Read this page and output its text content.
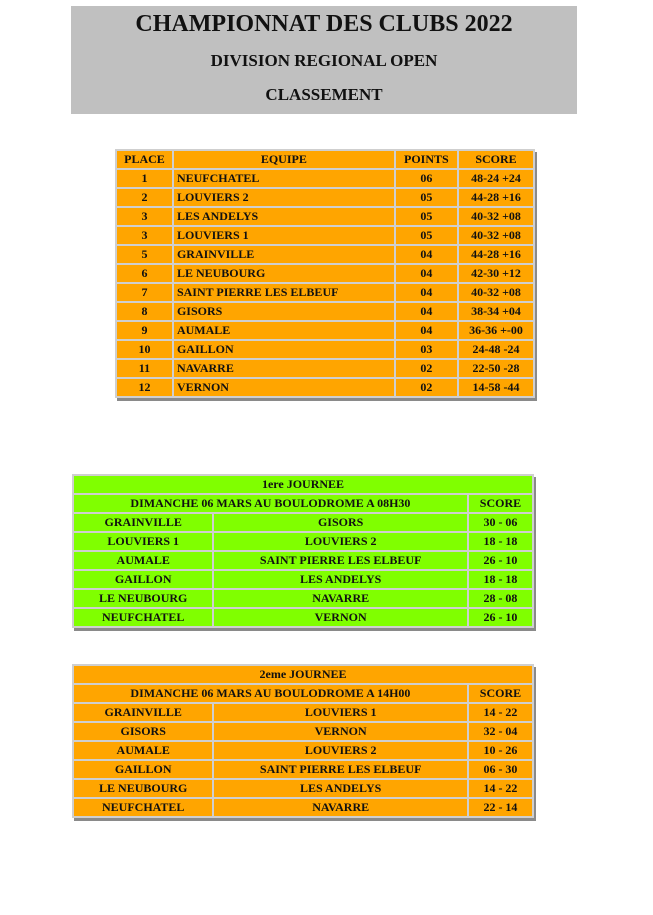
CHAMPIONNAT DES CLUBS 2022
DIVISION REGIONAL OPEN
CLASSEMENT
PLACE	EQUIPE	POINTS	SCORE
1	NEUFCHATEL	06	48-24 +24
2	LOUVIERS 2	05	44-28 +16
3	LES ANDELYS	05	40-32 +08
3	LOUVIERS 1	05	40-32 +08
5	GRAINVILLE	04	44-28 +16
6	LE NEUBOURG	04	42-30 +12
7	SAINT PIERRE LES ELBEUF	04	40-32 +08
8	GISORS	04	38-34 +04
9	AUMALE	04	36-36 +-00
10	GAILLON	03	24-48 -24
11	NAVARRE	02	22-50 -28
12	VERNON	02	14-58 -44
1ere JOURNEE		
DIMANCHE 06 MARS AU BOULODROME A 08H30		SCORE
GRAINVILLE	GISORS	30 - 06
LOUVIERS 1	LOUVIERS 2	18 - 18
AUMALE	SAINT PIERRE LES ELBEUF	26 - 10
GAILLON	LES ANDELYS	18 - 18
LE NEUBOURG	NAVARRE	28 - 08
NEUFCHATEL	VERNON	26 - 10
2eme JOURNEE		
DIMANCHE 06 MARS AU BOULODROME A 14H00		SCORE
GRAINVILLE	LOUVIERS 1	14 - 22
GISORS	VERNON	32 - 04
AUMALE	LOUVIERS 2	10 - 26
GAILLON	SAINT PIERRE LES ELBEUF	06 - 30
LE NEUBOURG	LES ANDELYS	14 - 22
NEUFCHATEL	NAVARRE	22 - 14
